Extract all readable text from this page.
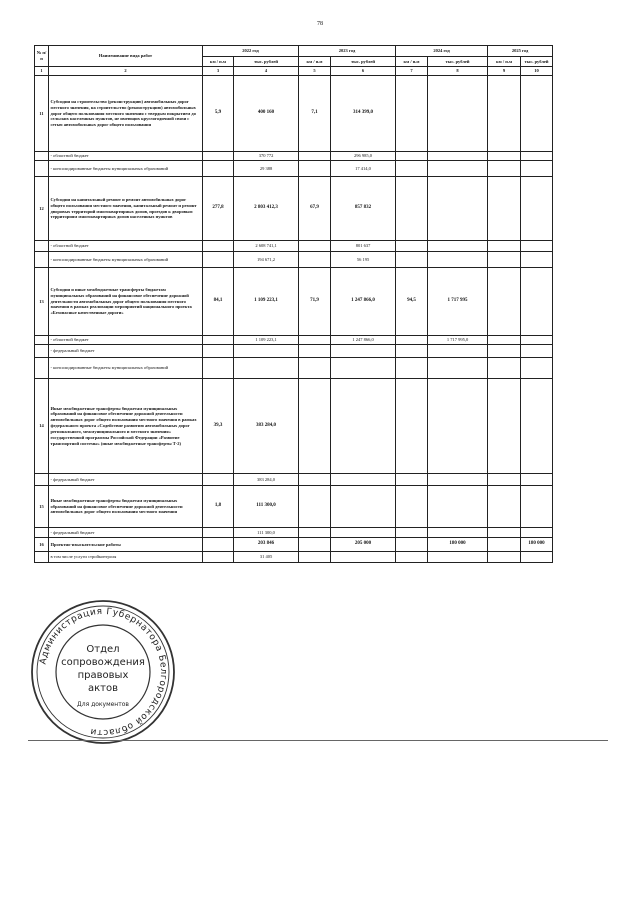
78
№ п/п	Наименование вида работ	2022 год		2023 год		2024 год		2025 год	
		км / п.м	тыс. рублей	км / п.м	тыс. рублей	км / п.м	тыс. рублей	км / п.м	тыс. рублей
1	2	3	4	5	6	7	8	9	10
11	Субсидии на строительство (реконструкцию) автомобильных дорог местного значения, на строительство (реконструкцию) автомобильных дорог общего пользования местного значения с твердым покрытием до сельских населенных пунктов, не имеющих круглогодичной связи с сетью автомобильных дорог общего пользования	5,9	400 160	7,1	314 399,0				
	- областной бюджет		370 772		296 985,0				
	- консолидированные бюджеты муниципальных образований		29 388		17 414,0				
12	Субсидии на капитальный ремонт и ремонт автомобильных дорог общего пользования местного значения, капитальный ремонт и ремонт дворовых территорий многоквартирных домов, проездов к дворовым территориям многоквартирных домов населенных пунктов	277,8	2 803 412,3	67,9	857 832				
	- областной бюджет		2 608 741,1		801 637				
	- консолидированные бюджеты муниципальных образований		194 671,2		56 195				
13	Субсидии и иные межбюджетные трансферты бюджетам муниципальных образований на финансовое обеспечение дорожной деятельности автомобильных дорог общего пользования местного значения в рамках реализации мероприятий национального проекта «Безопасные качественные дороги»	84,1	1 109 223,1	71,9	1 247 866,0	94,5	1 717 995		
	- областной бюджет		1 109 223,1		1 247 866,0		1 717 995,0		
	- федеральный бюджет								
	- консолидированные бюджеты муниципальных образований								
14	Иные межбюджетные трансферты бюджетам муниципальных образований на финансовое обеспечение дорожной деятельности автомобильных дорог общего пользования местного значения в рамках федерального проекта «Содействие развитию автомобильных дорог регионального, межмуниципального и местного значения» государственной программы Российской Федерации «Развитие транспортной системы» (иные межбюджетные трансферты Т-2)	39,3	383 284,0						
	- федеральный бюджет		383 284,0						
15	Иные межбюджетные трансферты бюджетам муниципальных образований на финансовое обеспечение дорожной деятельности автомобильных дорог общего пользования местного значения	1,8	111 300,0						
	- федеральный бюджет		111 300,0						
16	Проектно-изыскательские работы		203 846		205 000		180 000		180 000
	в том числе услуги стройконтроля		31 405						
Администрация Губернатора Белгородской области
Отдел
сопровождения
правовых
актов
Для документов
